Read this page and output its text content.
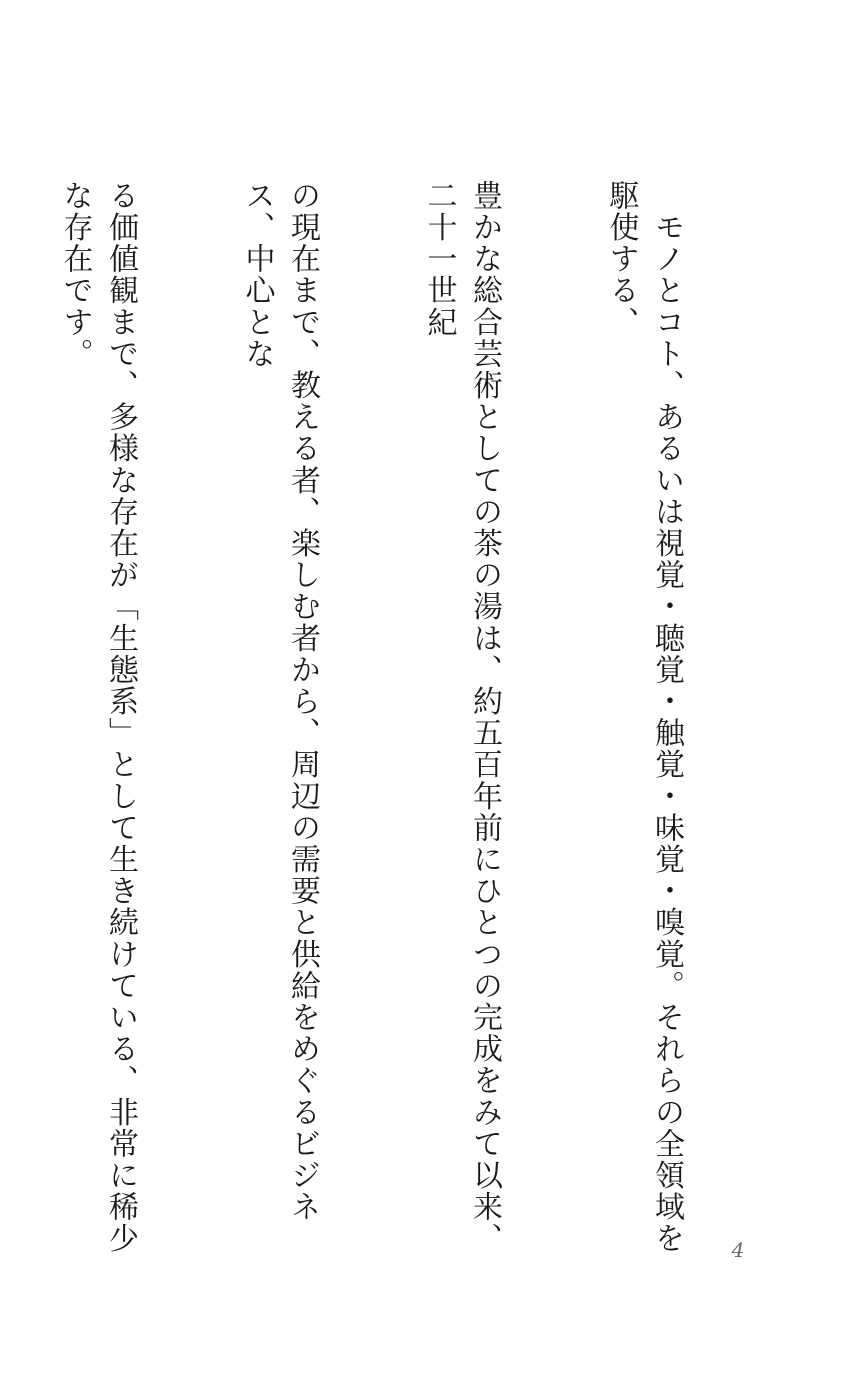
　モノとコト、あるいは視覚・聴覚・触覚・味覚・嗅覚。それらの全領域を駆使する、

豊かな総合芸術としての茶の湯は、約五百年前にひとつの完成をみて以来、二十一世紀

の現在まで、教える者、楽しむ者から、周辺の需要と供給をめぐるビジネス、中心とな

る価値観まで、多様な存在が「生態系」として生き続けている、非常に稀少な存在です。

4
